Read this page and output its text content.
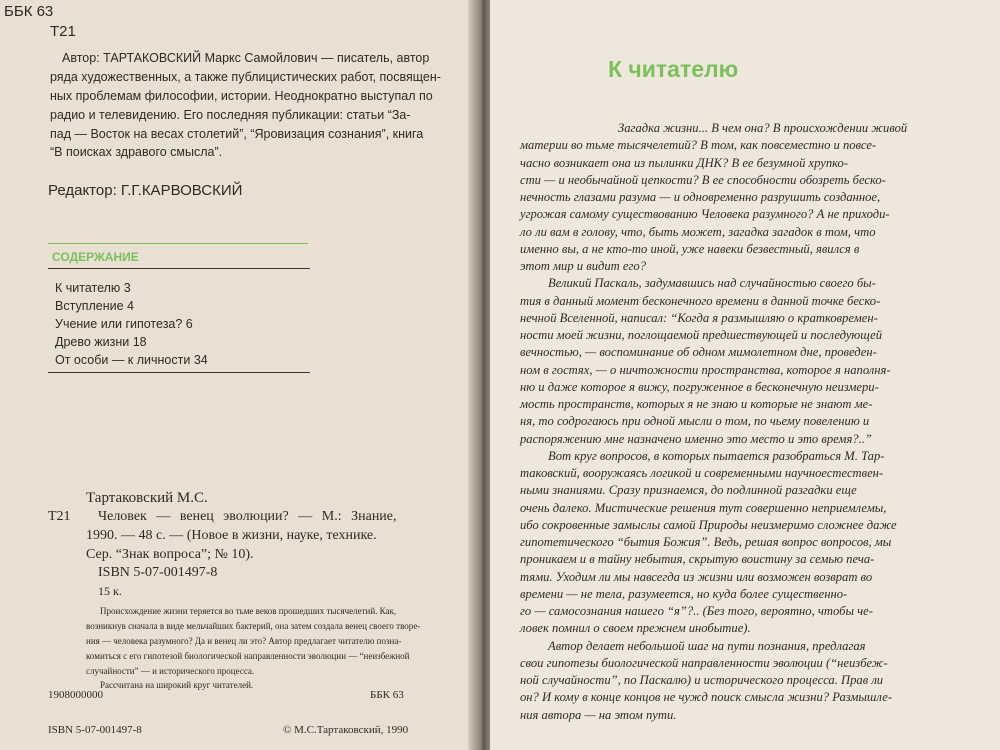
ББК 63
Т21
Автор: ТАРТАКОВСКИЙ Маркс Самойлович — писатель, автор
ряда художественных, а также публицистических работ, посвящен-
ных проблемам философии, истории. Неоднократно выступал по
радио и телевидению. Его последняя публикации: статьи “За-
пад — Восток на весах столетий”, “Яровизация сознания”, книга
“В поисках здравого смысла”.
Редактор: Г.Г.КАРВОВСКИЙ
СОДЕРЖАНИЕ
К читателю 3
Вступление 4
Учение или гипотеза? 6
Древо жизни 18
От особи — к личности 34
Тартаковский М.С.
Т21 Человек — венец эволюции? — М.: Знание,
1990. — 48 с. — (Новое в жизни, науке, технике.
Сер. “Знак вопроса”; № 10).
ISBN 5-07-001497-8
15 к.
Происхождение жизни теряется во тьме веков прошедших тысячелетий. Как,
возникнув сначала в виде мельчайших бактерий, она затем создала венец своего творе-
ния — человека разумного? Да и венец ли это? Автор предлагает читателю позна-
комиться с его гипотезой биологической направленности эволюции — “неизбежной
случайности” — и исторического процесса.
Рассчитана на широкий круг читателей.
1908000000	ББК 63
ISBN 5-07-001497-8	© М.С.Тартаковский, 1990
К читателю
Загадка жизни... В чем она? В происхождении живой
материи во тьме тысячелетий? В том, как повсеместно и повсе-
часно возникает она из пылинки ДНК? В ее безумной хрупко-
сти — и необычайной цепкости? В ее способности обозреть беско-
нечность глазами разума — и одновременно разрушить созданное,
угрожая самому существованию Человека разумного? А не приходи-
ло ли вам в голову, что, быть может, загадка загадок в том, что
именно вы, а не кто-то иной, уже навеки безвестный, явился в
этот мир и видит его?
Великий Паскаль, задумавшись над случайностью своего бы-
тия в данный момент бесконечного времени в данной точке беско-
нечной Вселенной, написал: “Когда я размышляю о кратковремен-
ности моей жизни, поглощаемой предшествующей и последующей
вечностью, — воспоминание об одном мимолетном дне, проведен-
ном в гостях, — о ничтожности пространства, которое я наполня-
ню и даже которое я вижу, погруженное в бесконечную неизмери-
мость пространств, которых я не знаю и которые не знают ме-
ня, то содрогаюсь при одной мысли о том, по чьему повелению и
распоряжению мне назначено именно это место и это время?..”
Вот круг вопросов, в которых пытается разобраться М. Тар-
таковский, вооружаясь логикой и современными научноестествен-
ными знаниями. Сразу признаемся, до подлинной разгадки еще
очень далеко. Мистические решения тут совершенно неприемлемы,
ибо сокровенные замыслы самой Природы неизмеримо сложнее даже
гипотетического “бытия Божия”. Ведь, решая вопрос вопросов, мы
проникаем и в тайну небытия, скрытую воистину за семью печа-
тями. Уходим ли мы навсегда из жизни или возможен возврат во
времени — не тела, разумеется, но куда более существенно-
го — самосознания нашего “я”?.. (Без того, вероятно, чтобы че-
ловек помнил о своем прежнем инобытие).
Автор делает небольшой шаг на пути познания, предлагая
свои гипотезы биологической направленности эволюции (“неизбеж-
ной случайности”, по Паскалю) и исторического процесса. Прав ли
он? И кому в конце концов не чужд поиск смысла жизни? Размышле-
ния автора — на этом пути.
